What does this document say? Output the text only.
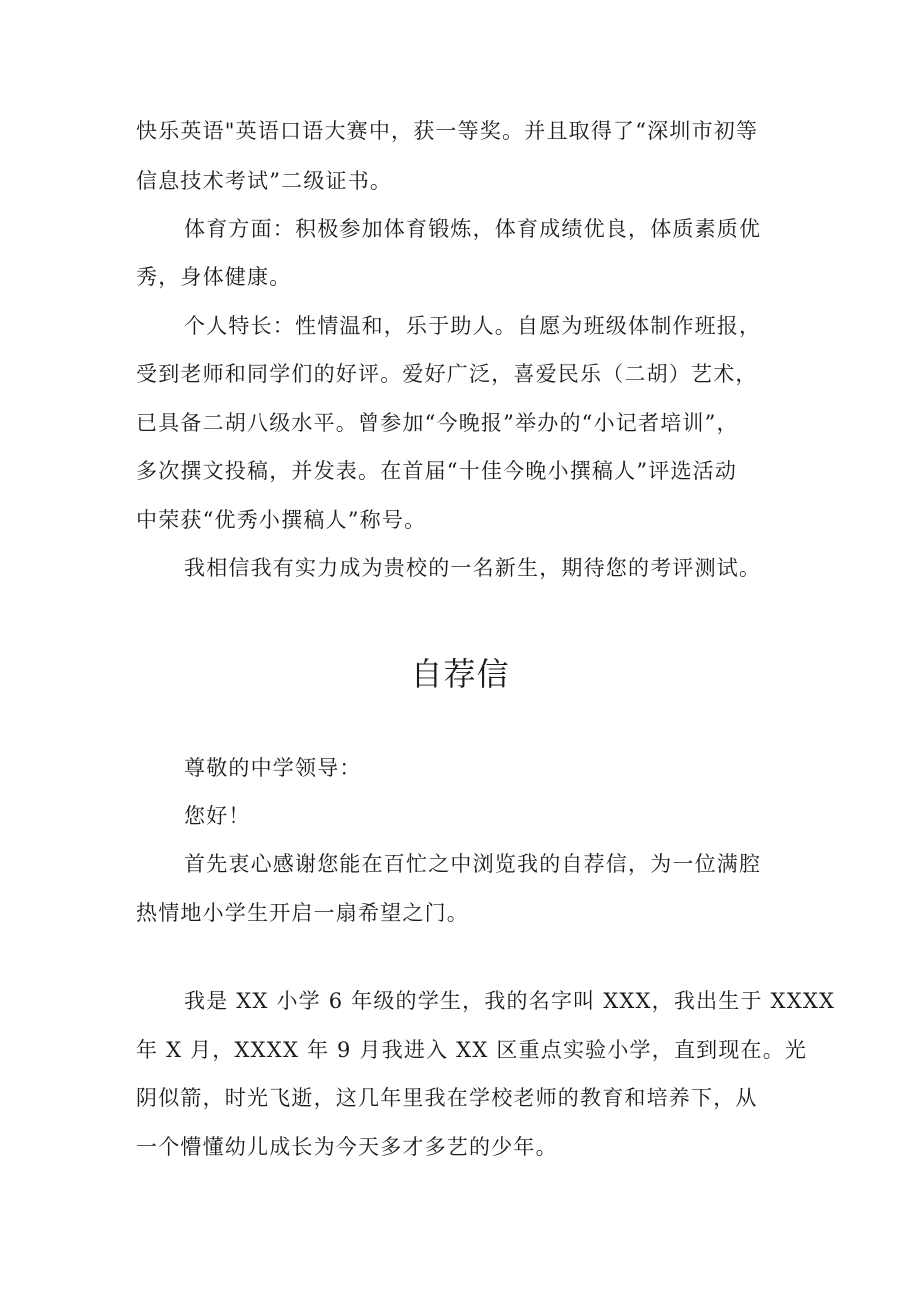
快乐英语"英语口语大赛中，获一等奖。并且取得了“深圳市初等
信息技术考试”二级证书。
体育方面：积极参加体育锻炼，体育成绩优良，体质素质优
秀，身体健康。
个人特长：性情温和，乐于助人。自愿为班级体制作班报，
受到老师和同学们的好评。爱好广泛，喜爱民乐（二胡）艺术，
已具备二胡八级水平。曾参加“今晚报”举办的“小记者培训”，
多次撰文投稿，并发表。在首届“十佳今晚小撰稿人”评选活动
中荣获“优秀小撰稿人”称号。
我相信我有实力成为贵校的一名新生，期待您的考评测试。
自荐信
尊敬的中学领导：
您好！
首先衷心感谢您能在百忙之中浏览我的自荐信，为一位满腔
热情地小学生开启一扇希望之门。
我是 XX 小学 6 年级的学生，我的名字叫 XXX，我出生于 XXXX
年 X 月，XXXX 年 9 月我进入 XX 区重点实验小学，直到现在。光
阴似箭，时光飞逝，这几年里我在学校老师的教育和培养下，从
一个懵懂幼儿成长为今天多才多艺的少年。
